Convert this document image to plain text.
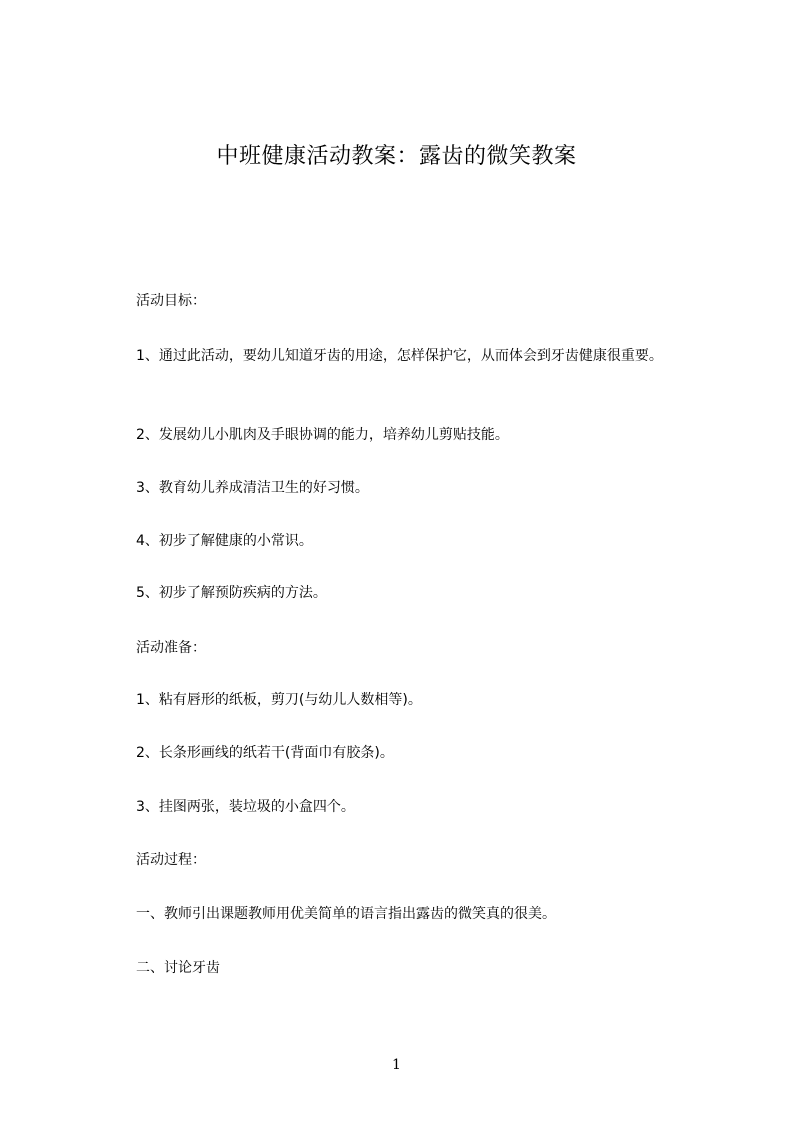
中班健康活动教案：露齿的微笑教案
活动目标：
1、通过此活动，要幼儿知道牙齿的用途，怎样保护它，从而体会到牙齿健康很重要。
2、发展幼儿小肌肉及手眼协调的能力，培养幼儿剪贴技能。
3、教育幼儿养成清洁卫生的好习惯。
4、初步了解健康的小常识。
5、初步了解预防疾病的方法。
活动准备：
1、粘有唇形的纸板，剪刀(与幼儿人数相等)。
2、长条形画线的纸若干(背面巾有胶条)。
3、挂图两张，装垃圾的小盒四个。
活动过程：
一、教师引出课题教师用优美简单的语言指出露齿的微笑真的很美。
二、讨论牙齿
1
